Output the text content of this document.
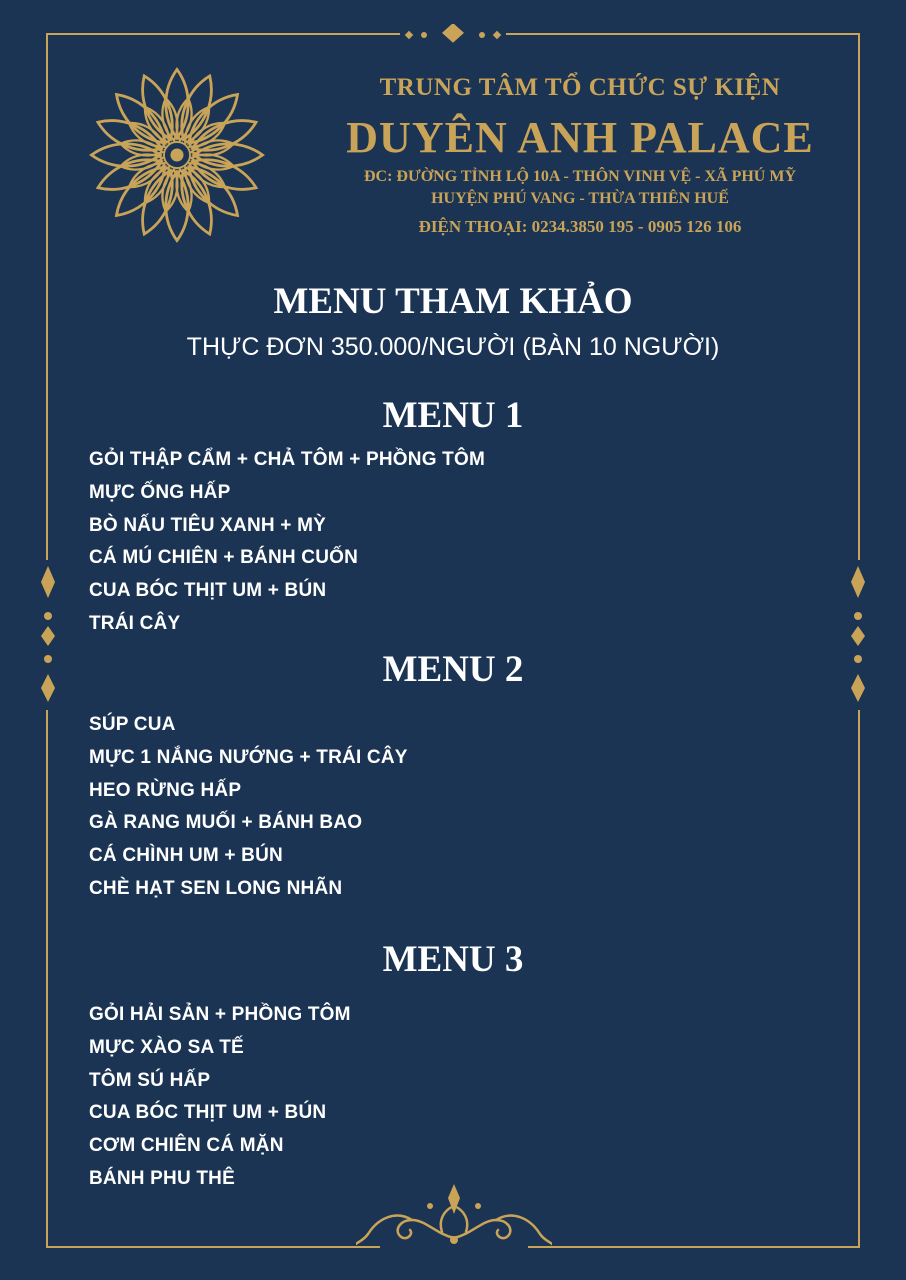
TRUNG TÂM TỔ CHỨC SỰ KIỆN
DUYÊN ANH PALACE
ĐC: ĐƯỜNG TỈNH LỘ 10A - THÔN VINH VỆ - XÃ PHÚ MỸ
HUYỆN PHÚ VANG - THỪA THIÊN HUẾ
ĐIỆN THOẠI: 0234.3850 195 - 0905 126 106
MENU THAM KHẢO
THỰC ĐƠN 350.000/NGƯỜI (BÀN 10 NGƯỜI)
MENU 1
GỎI THẬP CẨM + CHẢ TÔM + PHỒNG TÔM
MỰC ỐNG HẤP
BÒ NẤU TIÊU XANH + MỲ
CÁ MÚ CHIÊN + BÁNH CUỐN
CUA BÓC THỊT UM + BÚN
TRÁI CÂY
MENU 2
SÚP CUA
MỰC 1 NẮNG NƯỚNG + TRÁI CÂY
HEO RỪNG HẤP
GÀ RANG MUỐI + BÁNH BAO
CÁ CHÌNH UM + BÚN
CHÈ HẠT SEN LONG NHÃN
MENU 3
GỎI HẢI SẢN + PHỒNG TÔM
MỰC XÀO SA TẾ
TÔM SÚ HẤP
CUA BÓC THỊT UM + BÚN
CƠM CHIÊN CÁ MẶN
BÁNH PHU THÊ
